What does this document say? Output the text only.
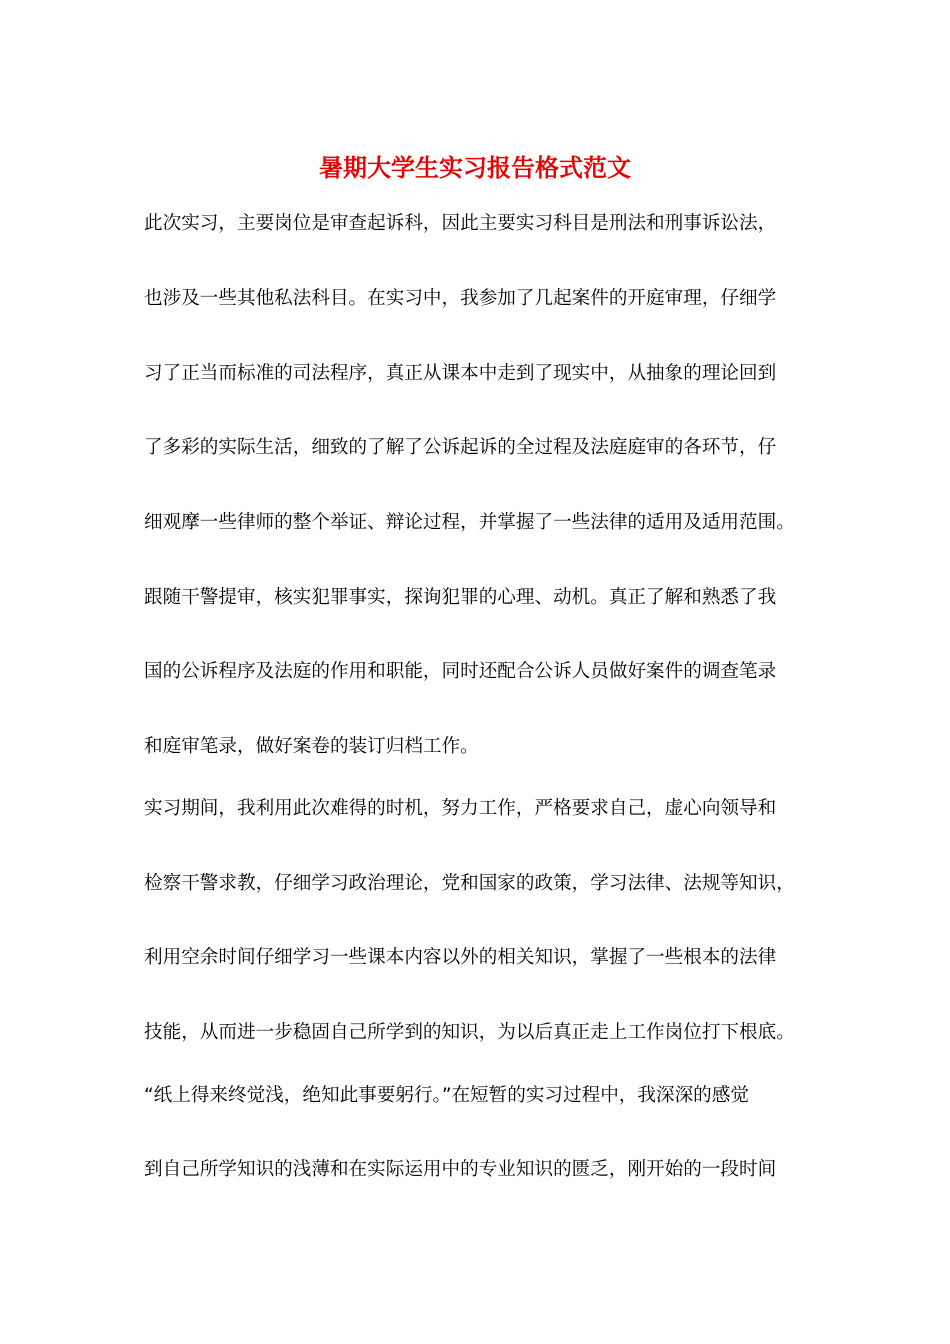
暑期大学生实习报告格式范文
此次实习，主要岗位是审查起诉科，因此主要实习科目是刑法和刑事诉讼法，
也涉及一些其他私法科目。在实习中，我参加了几起案件的开庭审理，仔细学
习了正当而标准的司法程序，真正从课本中走到了现实中，从抽象的理论回到
了多彩的实际生活，细致的了解了公诉起诉的全过程及法庭庭审的各环节，仔
细观摩一些律师的整个举证、辩论过程，并掌握了一些法律的适用及适用范围。
跟随干警提审，核实犯罪事实，探询犯罪的心理、动机。真正了解和熟悉了我
国的公诉程序及法庭的作用和职能，同时还配合公诉人员做好案件的调查笔录
和庭审笔录，做好案卷的装订归档工作。
实习期间，我利用此次难得的时机，努力工作，严格要求自己，虚心向领导和
检察干警求教，仔细学习政治理论，党和国家的政策，学习法律、法规等知识，
利用空余时间仔细学习一些课本内容以外的相关知识，掌握了一些根本的法律
技能，从而进一步稳固自己所学到的知识，为以后真正走上工作岗位打下根底。
“纸上得来终觉浅，绝知此事要躬行。”在短暂的实习过程中，我深深的感觉
到自己所学知识的浅薄和在实际运用中的专业知识的匮乏，刚开始的一段时间
